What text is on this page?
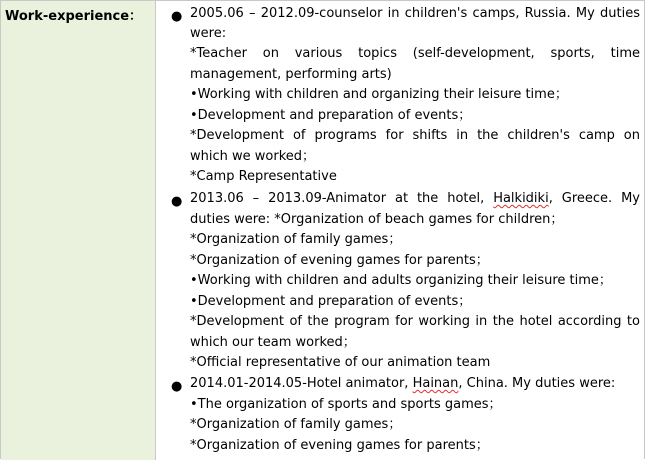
Work-experience： ● 2005.06 – 2012.09-counselor in children's camps, Russia. My duties
were:
*Teacher on various topics (self-development, sports, time
management, performing arts)
•Working with children and organizing their leisure time；
•Development and preparation of events；
*Development of programs for shifts in the children's camp on
which we worked；
*Camp Representative
● 2013.06 – 2013.09-Animator at the hotel, Halkidiki, Greece. My
duties were: *Organization of beach games for children；
*Organization of family games；
*Organization of evening games for parents；
•Working with children and adults organizing their leisure time；
•Development and preparation of events；
*Development of the program for working in the hotel according to
which our team worked；
*Official representative of our animation team
● 2014.01-2014.05-Hotel animator, Hainan, China. My duties were:
•The organization of sports and sports games；
*Organization of family games；
*Organization of evening games for parents；
